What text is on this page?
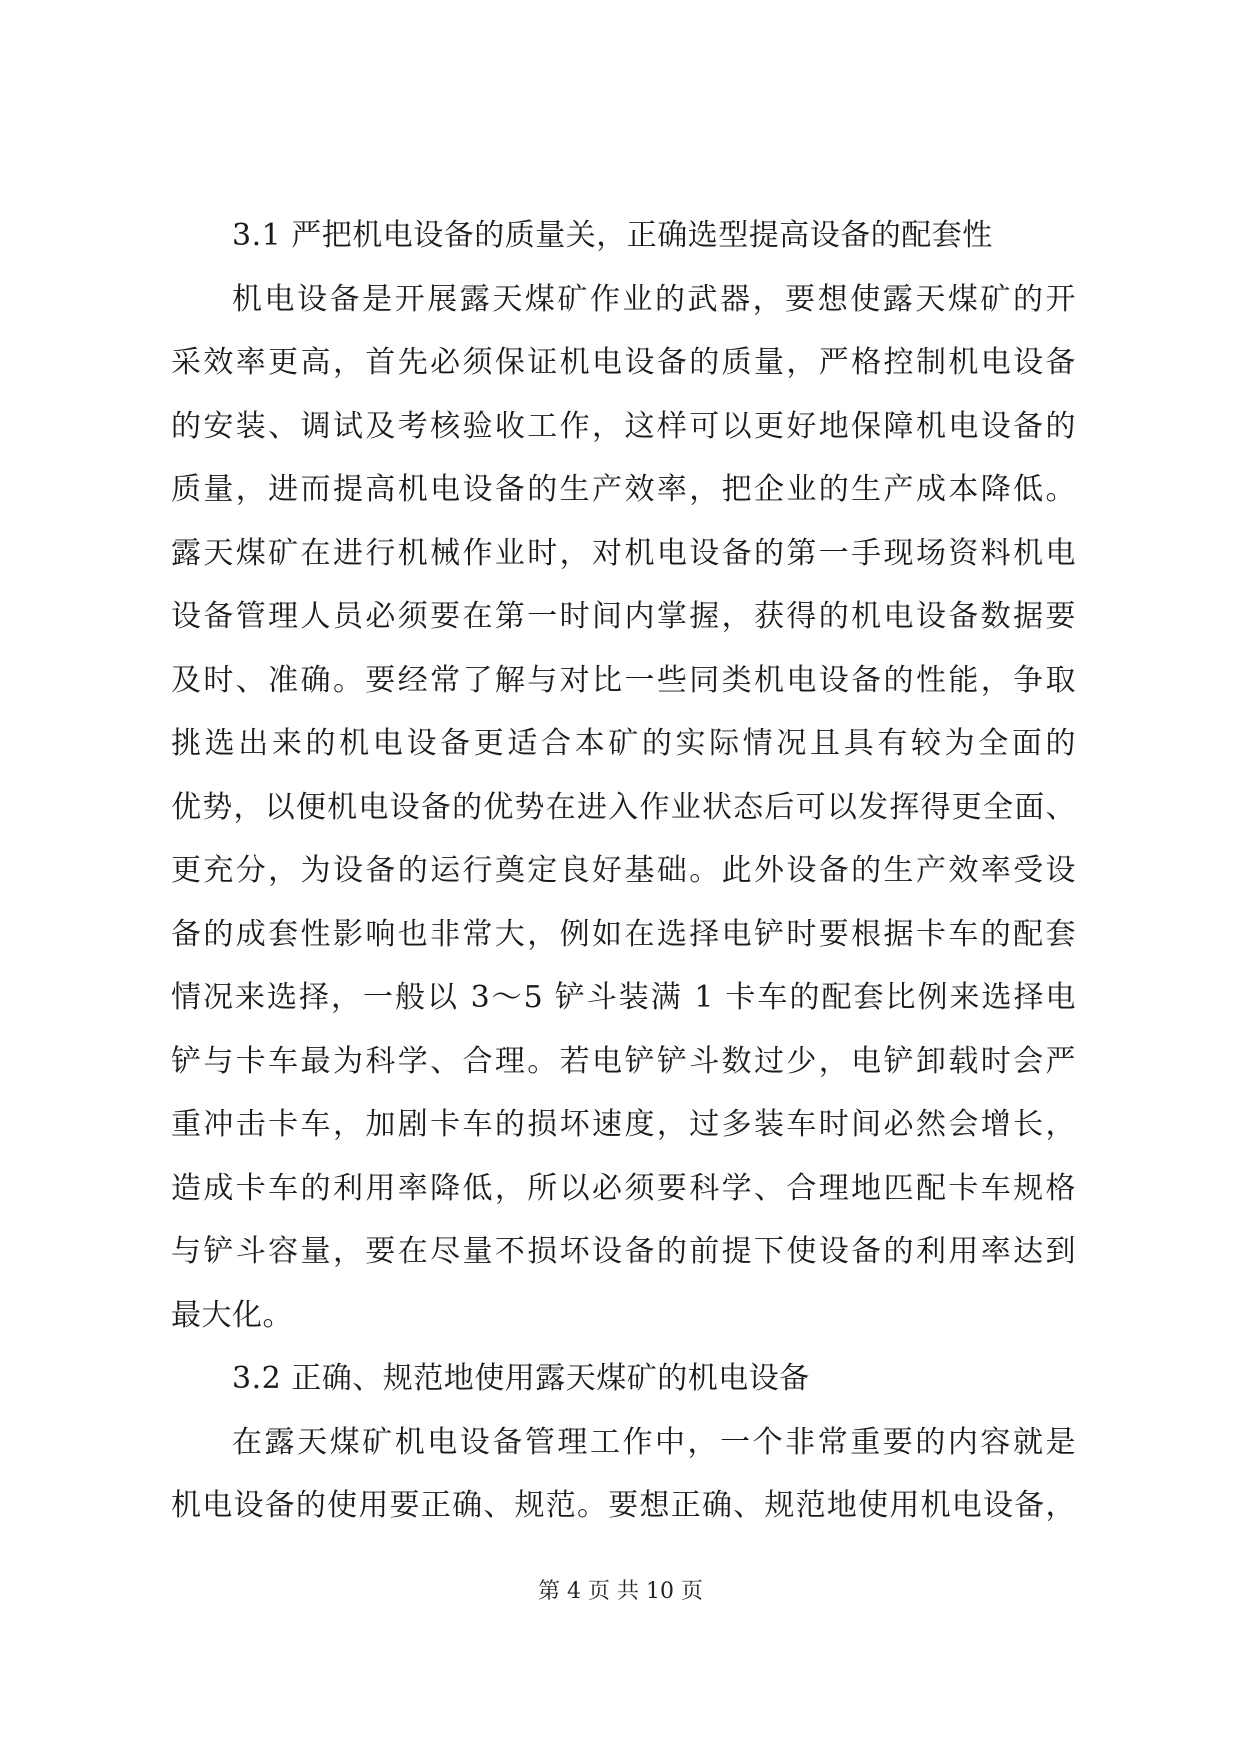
3.1 严把机电设备的质量关，正确选型提高设备的配套性
机电设备是开展露天煤矿作业的武器，要想使露天煤矿的开
采效率更高，首先必须保证机电设备的质量，严格控制机电设备
的安装、调试及考核验收工作，这样可以更好地保障机电设备的
质量，进而提高机电设备的生产效率，把企业的生产成本降低。
露天煤矿在进行机械作业时，对机电设备的第一手现场资料机电
设备管理人员必须要在第一时间内掌握，获得的机电设备数据要
及时、准确。要经常了解与对比一些同类机电设备的性能，争取
挑选出来的机电设备更适合本矿的实际情况且具有较为全面的
优势，以便机电设备的优势在进入作业状态后可以发挥得更全面、
更充分，为设备的运行奠定良好基础。此外设备的生产效率受设
备的成套性影响也非常大，例如在选择电铲时要根据卡车的配套
情况来选择，一般以 3～5 铲斗装满 1 卡车的配套比例来选择电
铲与卡车最为科学、合理。若电铲铲斗数过少，电铲卸载时会严
重冲击卡车，加剧卡车的损坏速度，过多装车时间必然会增长，
造成卡车的利用率降低，所以必须要科学、合理地匹配卡车规格
与铲斗容量，要在尽量不损坏设备的前提下使设备的利用率达到
最大化。
3.2 正确、规范地使用露天煤矿的机电设备
在露天煤矿机电设备管理工作中，一个非常重要的内容就是
机电设备的使用要正确、规范。要想正确、规范地使用机电设备，
第 4 页 共 10 页
